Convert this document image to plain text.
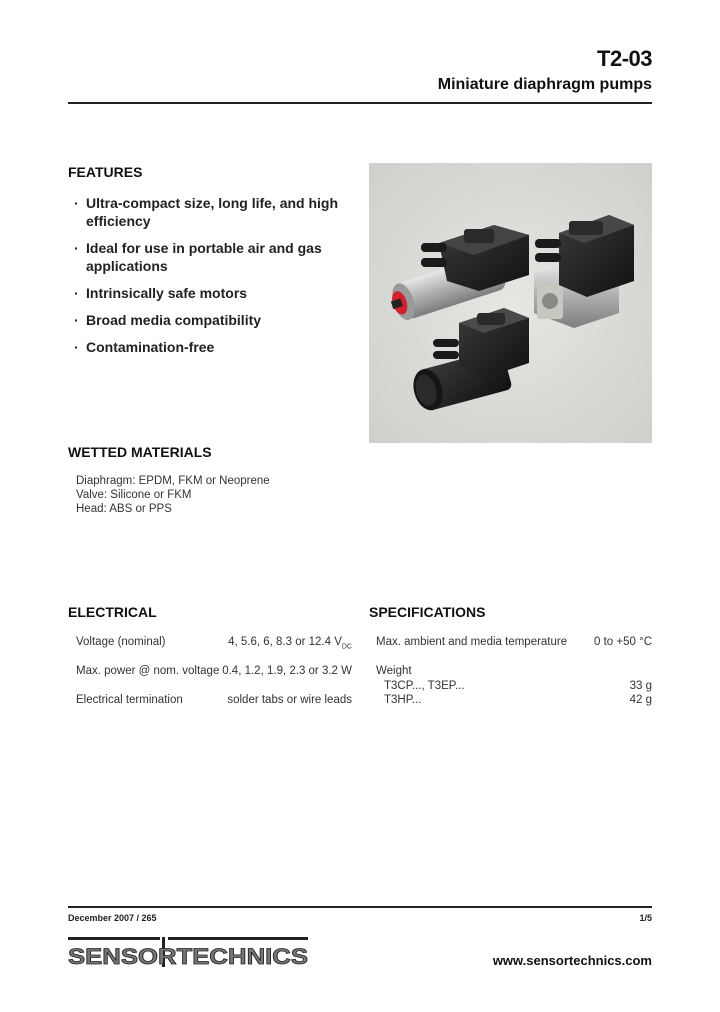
T2-03
Miniature diaphragm pumps
FEATURES
· Ultra-compact size, long life, and high efficiency
· Ideal for use in portable air and gas applications
· Intrinsically safe motors
· Broad media compatibility
· Contamination-free
WETTED MATERIALS
Diaphragm: EPDM, FKM or Neoprene
Valve: Silicone or FKM
Head: ABS or PPS
ELECTRICAL
Voltage (nominal)	4, 5.6, 6, 8.3 or 12.4 $V_{DC}$
Max. power @ nom. voltage 0.4, 1.2, 1.9, 2.3 or 3.2 W
Electrical termination	solder tabs or wire leads
SPECIFICATIONS
Max. ambient and media temperature 0 to +50 °C
Weight
T3CP..., T3EP...	33 g
T3HP...	42 g
December 2007 / 265	1/5
SENSORTECHNICS	www.sensortechnics.com
